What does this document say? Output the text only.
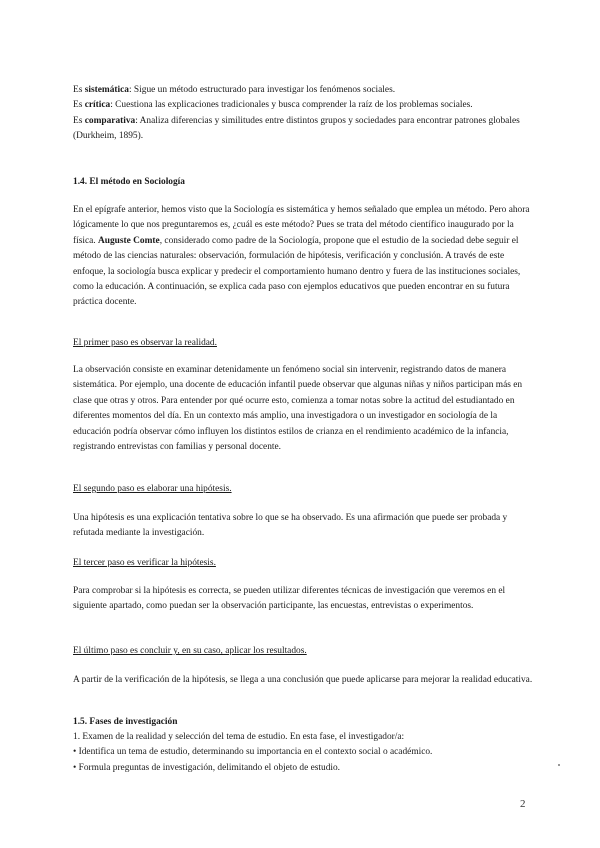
Es sistemática: Sigue un método estructurado para investigar los fenómenos sociales.

Es crítica: Cuestiona las explicaciones tradicionales y busca comprender la raíz de los problemas sociales.

Es comparativa: Analiza diferencias y similitudes entre distintos grupos y sociedades para encontrar patrones globales (Durkheim, 1895).

1.4. El método en Sociología

En el epígrafe anterior, hemos visto que la Sociología es sistemática y hemos señalado que emplea un método. Pero ahora lógicamente lo que nos preguntaremos es, ¿cuál es este método? Pues se trata del método científico inaugurado por la física. Auguste Comte, considerado como padre de la Sociología, propone que el estudio de la sociedad debe seguir el método de las ciencias naturales: observación, formulación de hipótesis, verificación y conclusión. A través de este enfoque, la sociología busca explicar y predecir el comportamiento humano dentro y fuera de las instituciones sociales, como la educación. A continuación, se explica cada paso con ejemplos educativos que pueden encontrar en su futura práctica docente.

El primer paso es observar la realidad.
La observación consiste en examinar detenidamente un fenómeno social sin intervenir, registrando datos de manera sistemática. Por ejemplo, una docente de educación infantil puede observar que algunas niñas y niños participan más en clase que otras y otros. Para entender por qué ocurre esto, comienza a tomar notas sobre la actitud del estudiantado en diferentes momentos del día. En un contexto más amplio, una investigadora o un investigador en sociología de la educación podría observar cómo influyen los distintos estilos de crianza en el rendimiento académico de la infancia, registrando entrevistas con familias y personal docente.
El segundo paso es elaborar una hipótesis.
Una hipótesis es una explicación tentativa sobre lo que se ha observado. Es una afirmación que puede ser probada y refutada mediante la investigación.
El tercer paso es verificar la hipótesis.
Para comprobar si la hipótesis es correcta, se pueden utilizar diferentes técnicas de investigación que veremos en el siguiente apartado, como puedan ser la observación participante, las encuestas, entrevistas o experimentos.
El último paso es concluir y, en su caso, aplicar los resultados.
A partir de la verificación de la hipótesis, se llega a una conclusión que puede aplicarse para mejorar la realidad educativa.
1.5. Fases de investigación

1. Examen de la realidad y selección del tema de estudio. En esta fase, el investigador/a:

• Identifica un tema de estudio, determinando su importancia en el contexto social o académico.

• Formula preguntas de investigación, delimitando el objeto de estudio.

2
